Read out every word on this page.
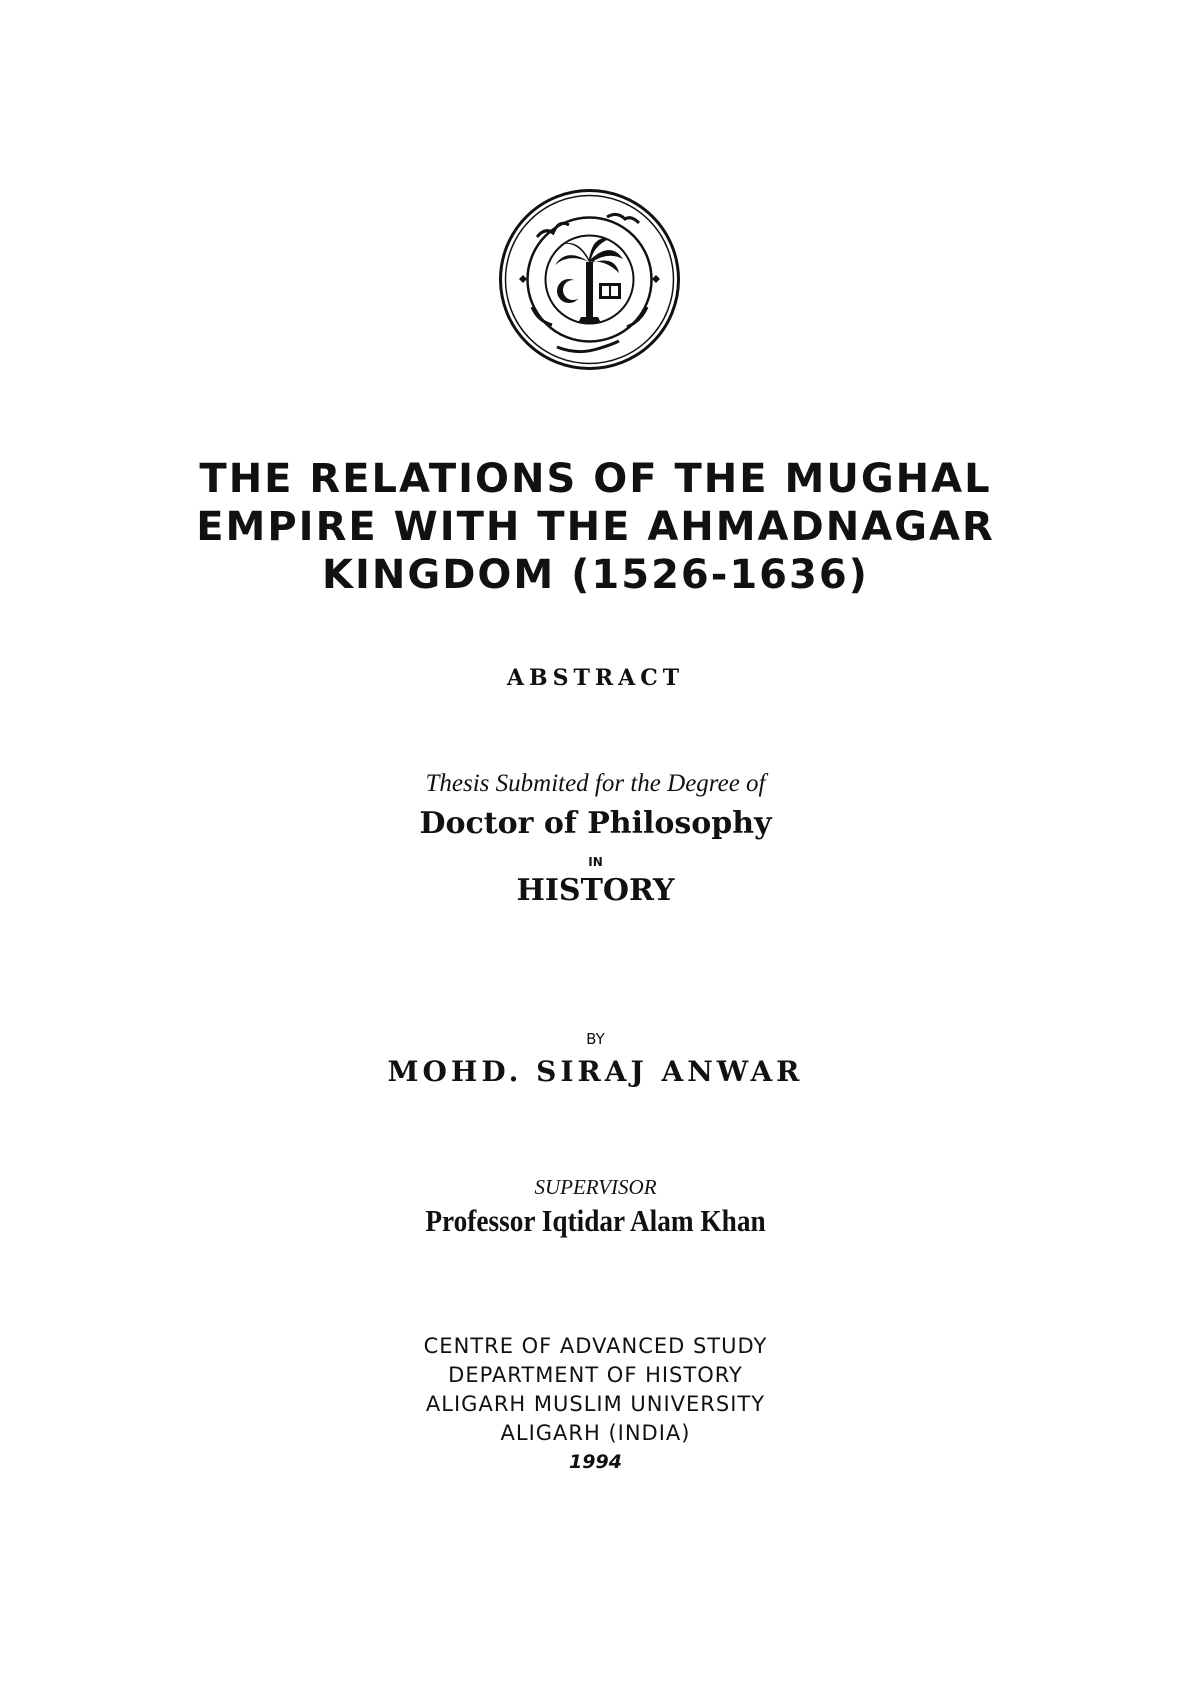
THE RELATIONS OF THE MUGHAL
EMPIRE WITH THE AHMADNAGAR
KINGDOM (1526-1636)
ABSTRACT
Thesis Submited for the Degree of
Doctor of Philosophy
IN
HISTORY
BY
MOHD. SIRAJ ANWAR
SUPERVISOR
Professor Iqtidar Alam Khan
CENTRE OF ADVANCED STUDY
DEPARTMENT OF HISTORY
ALIGARH MUSLIM UNIVERSITY
ALIGARH (INDIA)
1994
